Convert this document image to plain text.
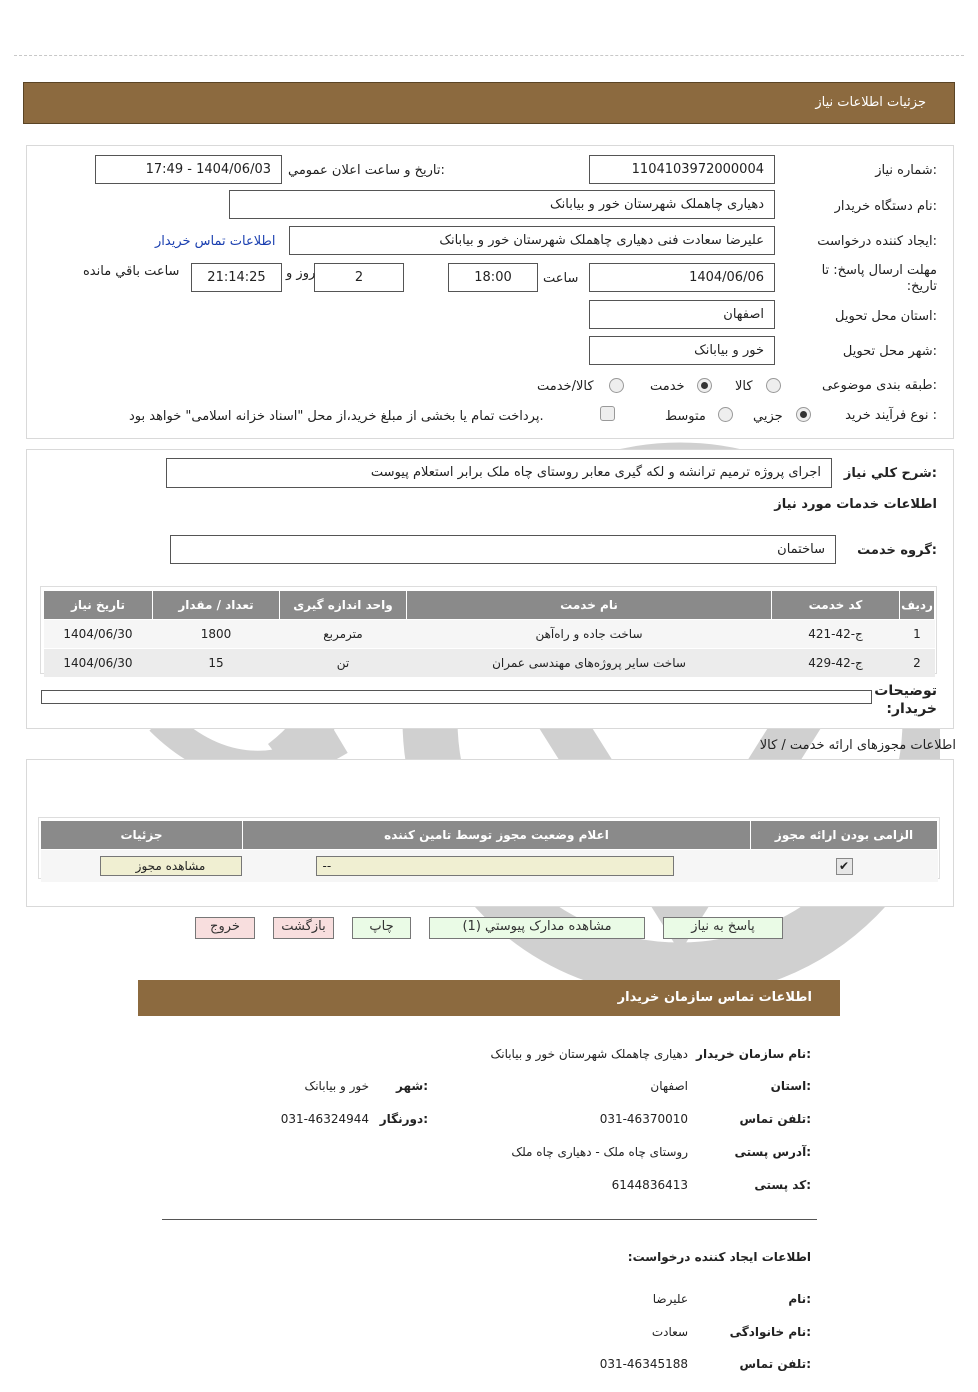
جزئیات اطلاعات نیاز
شماره نیاز:
1104103972000004
تاریخ و ساعت اعلان عمومي:
1404/06/03 - 17:49
نام دستگاه خریدار:
دهیاری چاهملک شهرستان خور و بیابانک
ایجاد کننده درخواست:
علیرضا سعادت فنی دهیاری چاهملک شهرستان خور و بیابانک
اطلاعات تماس خریدار
مهلت ارسال پاسخ: تا تاریخ:
1404/06/06
ساعت
18:00
2
روز و
21:14:25
ساعت باقي مانده
استان محل تحویل:
اصفهان
شهر محل تحویل:
خور و بیابانک
طبقه بندی موضوعی:
کالا
خدمت
کالا/خدمت
نوع فرآیند خرید :
جزيي
متوسط
پرداخت تمام یا بخشی از مبلغ خرید،از محل "اسناد خزانه اسلامی" خواهد بود.
شرح کلي نياز:
اجرای پروژه ترمیم ترانشه و لکه گیری معابر روستای چاه ملک برابر استعلام پیوست
اطلاعات خدمات مورد نياز
گروه خدمت:
ساختمان
رديف	کد خدمت	نام خدمت	واحد اندازه گيری	تعداد / مقدار	تاريخ نياز
1	ج-42-421	ساخت جاده و راه‌آهن	مترمربع	1800	1404/06/30
2	ج-42-429	ساخت سایر پروژه‌های مهندسی عمران	تن	15	1404/06/30
توضیحات خریدار:
اطلاعات مجوزهای ارائه خدمت / کالا
الزامی بودن ارائه مجوز	اعلام وضعیت مجوز توسط تامین کننده	جزئیات
✔	--	مشاهده مجوز
پاسخ به نياز
مشاهده مدارک پيوستي (1)
چاپ
بازگشت
خروج
اطلاعات تماس سازمان خریدار
نام سازمان خریدار:
دهیاری چاهملک شهرستان خور و بیابانک
استان:
اصفهان
شهر:
خور و بیابانک
تلفن تماس:
031-46370010
دورنگار:
031-46324944
آدرس پستی:
روستای چاه ملک - دهیاری چاه ملک
کد پستی:
6144836413
اطلاعات ایجاد کننده درخواست:
نام:
علیرضا
نام خانوادگی:
سعادت
تلفن تماس:
031-46345188
